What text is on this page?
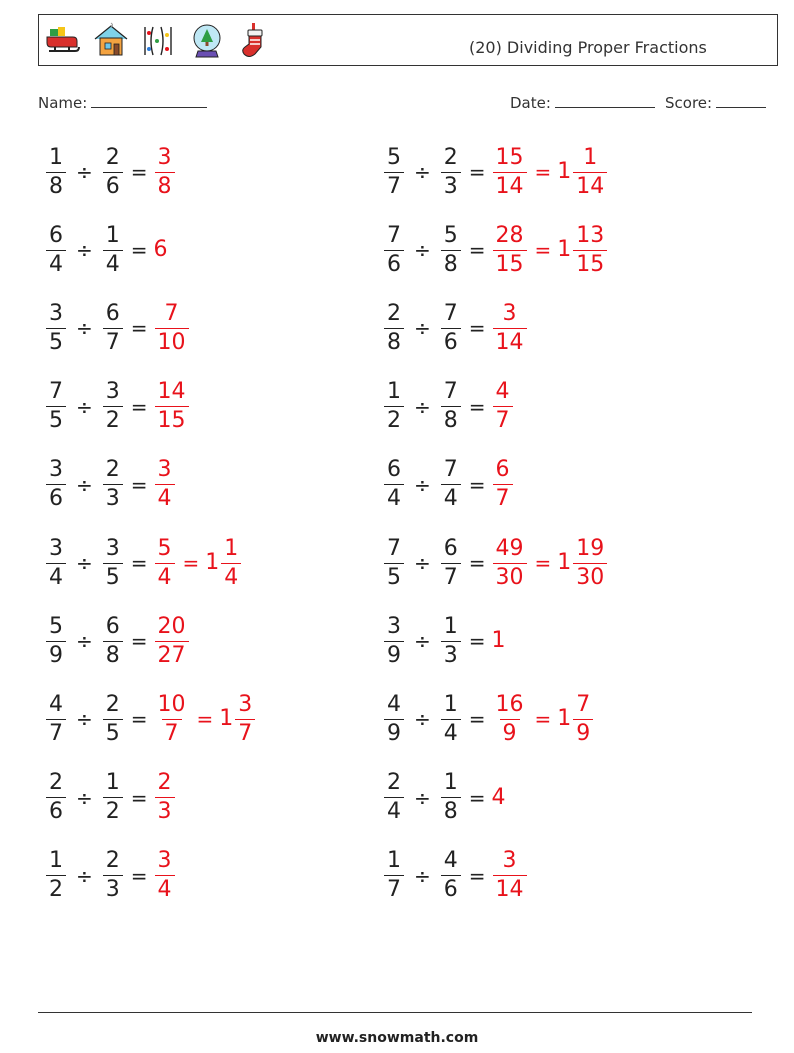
(20) Dividing Proper Fractions
Name:	Date:	Score:
$\frac{1}{8} \div \frac{2}{6} = \frac{3}{8}$	$\frac{5}{7} \div \frac{2}{3} = \frac{15}{14} = 1 \frac{1}{14}$
$\frac{6}{4} \div \frac{1}{4} = 6$	$\frac{7}{6} \div \frac{5}{8} = \frac{28}{15} = 1 \frac{13}{15}$
$\frac{3}{5} \div \frac{6}{7} = \frac{7}{10}$	$\frac{2}{8} \div \frac{7}{6} = \frac{3}{14}$
$\frac{7}{5} \div \frac{3}{2} = \frac{14}{15}$	$\frac{1}{2} \div \frac{7}{8} = \frac{4}{7}$
$\frac{3}{6} \div \frac{2}{3} = \frac{3}{4}$	$\frac{6}{4} \div \frac{7}{4} = \frac{6}{7}$
$\frac{3}{4} \div \frac{3}{5} = \frac{5}{4} = 1 \frac{1}{4}$	$\frac{7}{5} \div \frac{6}{7} = \frac{49}{30} = 1 \frac{19}{30}$
$\frac{5}{9} \div \frac{6}{8} = \frac{20}{27}$	$\frac{3}{9} \div \frac{1}{3} = 1$
$\frac{4}{7} \div \frac{2}{5} = \frac{10}{7} = 1 \frac{3}{7}$	$\frac{4}{9} \div \frac{1}{4} = \frac{16}{9} = 1 \frac{7}{9}$
$\frac{2}{6} \div \frac{1}{2} = \frac{2}{3}$	$\frac{2}{4} \div \frac{1}{8} = 4$
$\frac{1}{2} \div \frac{2}{3} = \frac{3}{4}$	$\frac{1}{7} \div \frac{4}{6} = \frac{3}{14}$
www.snowmath.com
